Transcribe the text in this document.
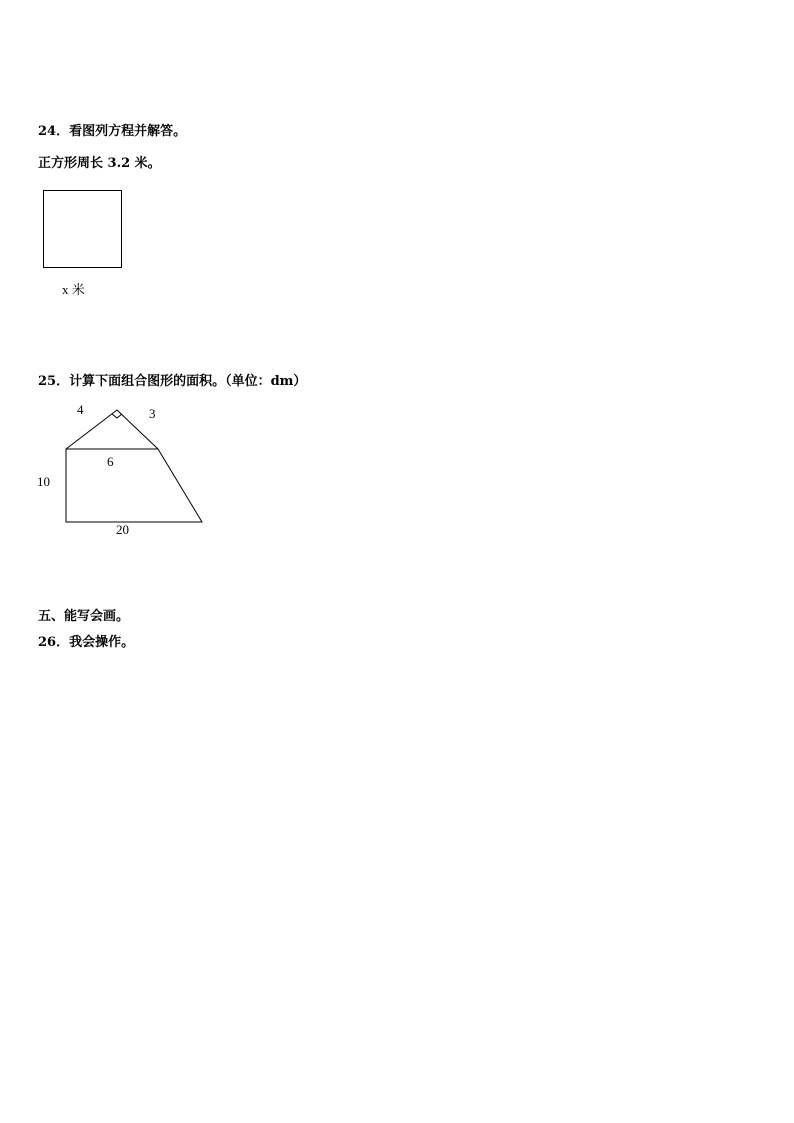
24．看图列方程并解答。
正方形周长 3.2 米。
x 米
25．计算下面组合图形的面积。（单位：dm）
4	3
6
10
20
五、能写会画。
26．我会操作。
